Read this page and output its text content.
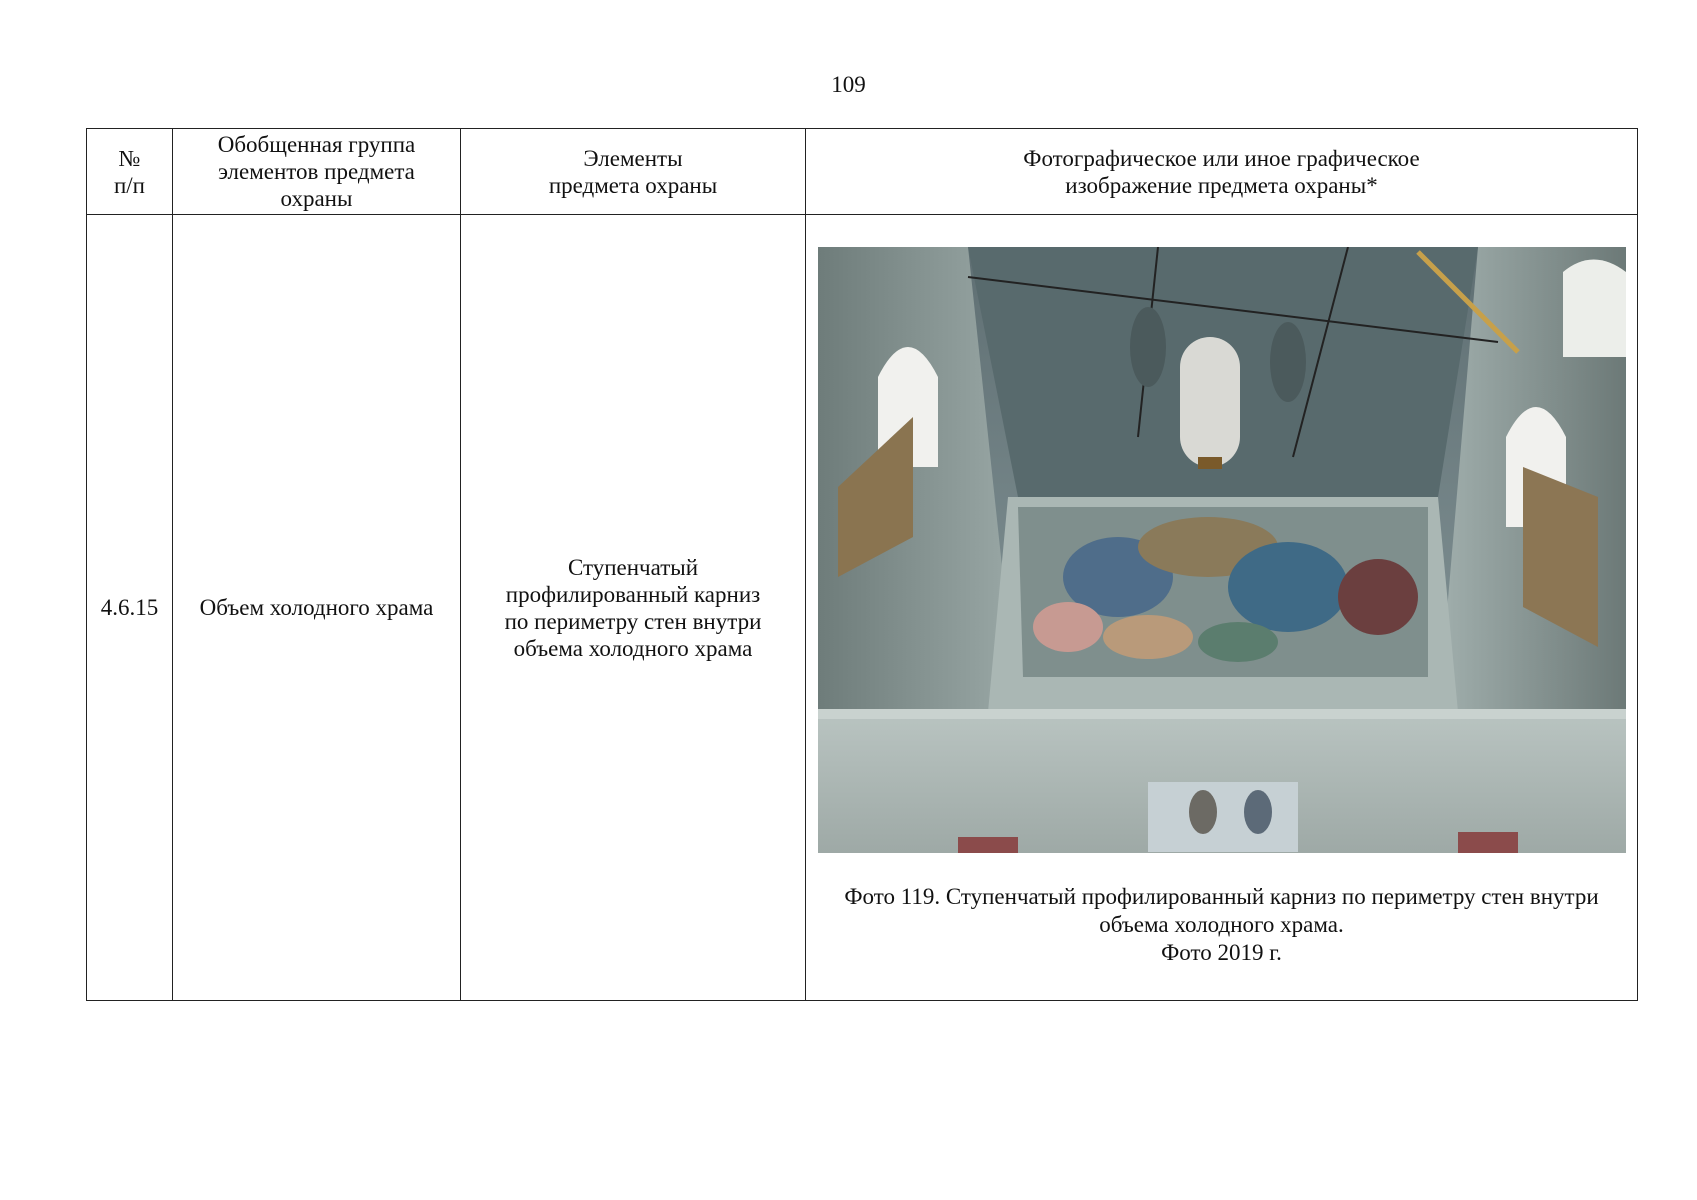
109
№
п/п	Обобщенная группа
элементов предмета
охраны	Элементы
предмета охраны	Фотографическое или иное графическое
изображение предмета охраны*

4.6.15	Объем холодного храма	Ступенчатый
профилированный карниз
по периметру стен внутри
объема холодного храма	Фото 119. Ступенчатый профилированный карниз по периметру стен внутри
объема холодного храма.
Фото 2019 г.
